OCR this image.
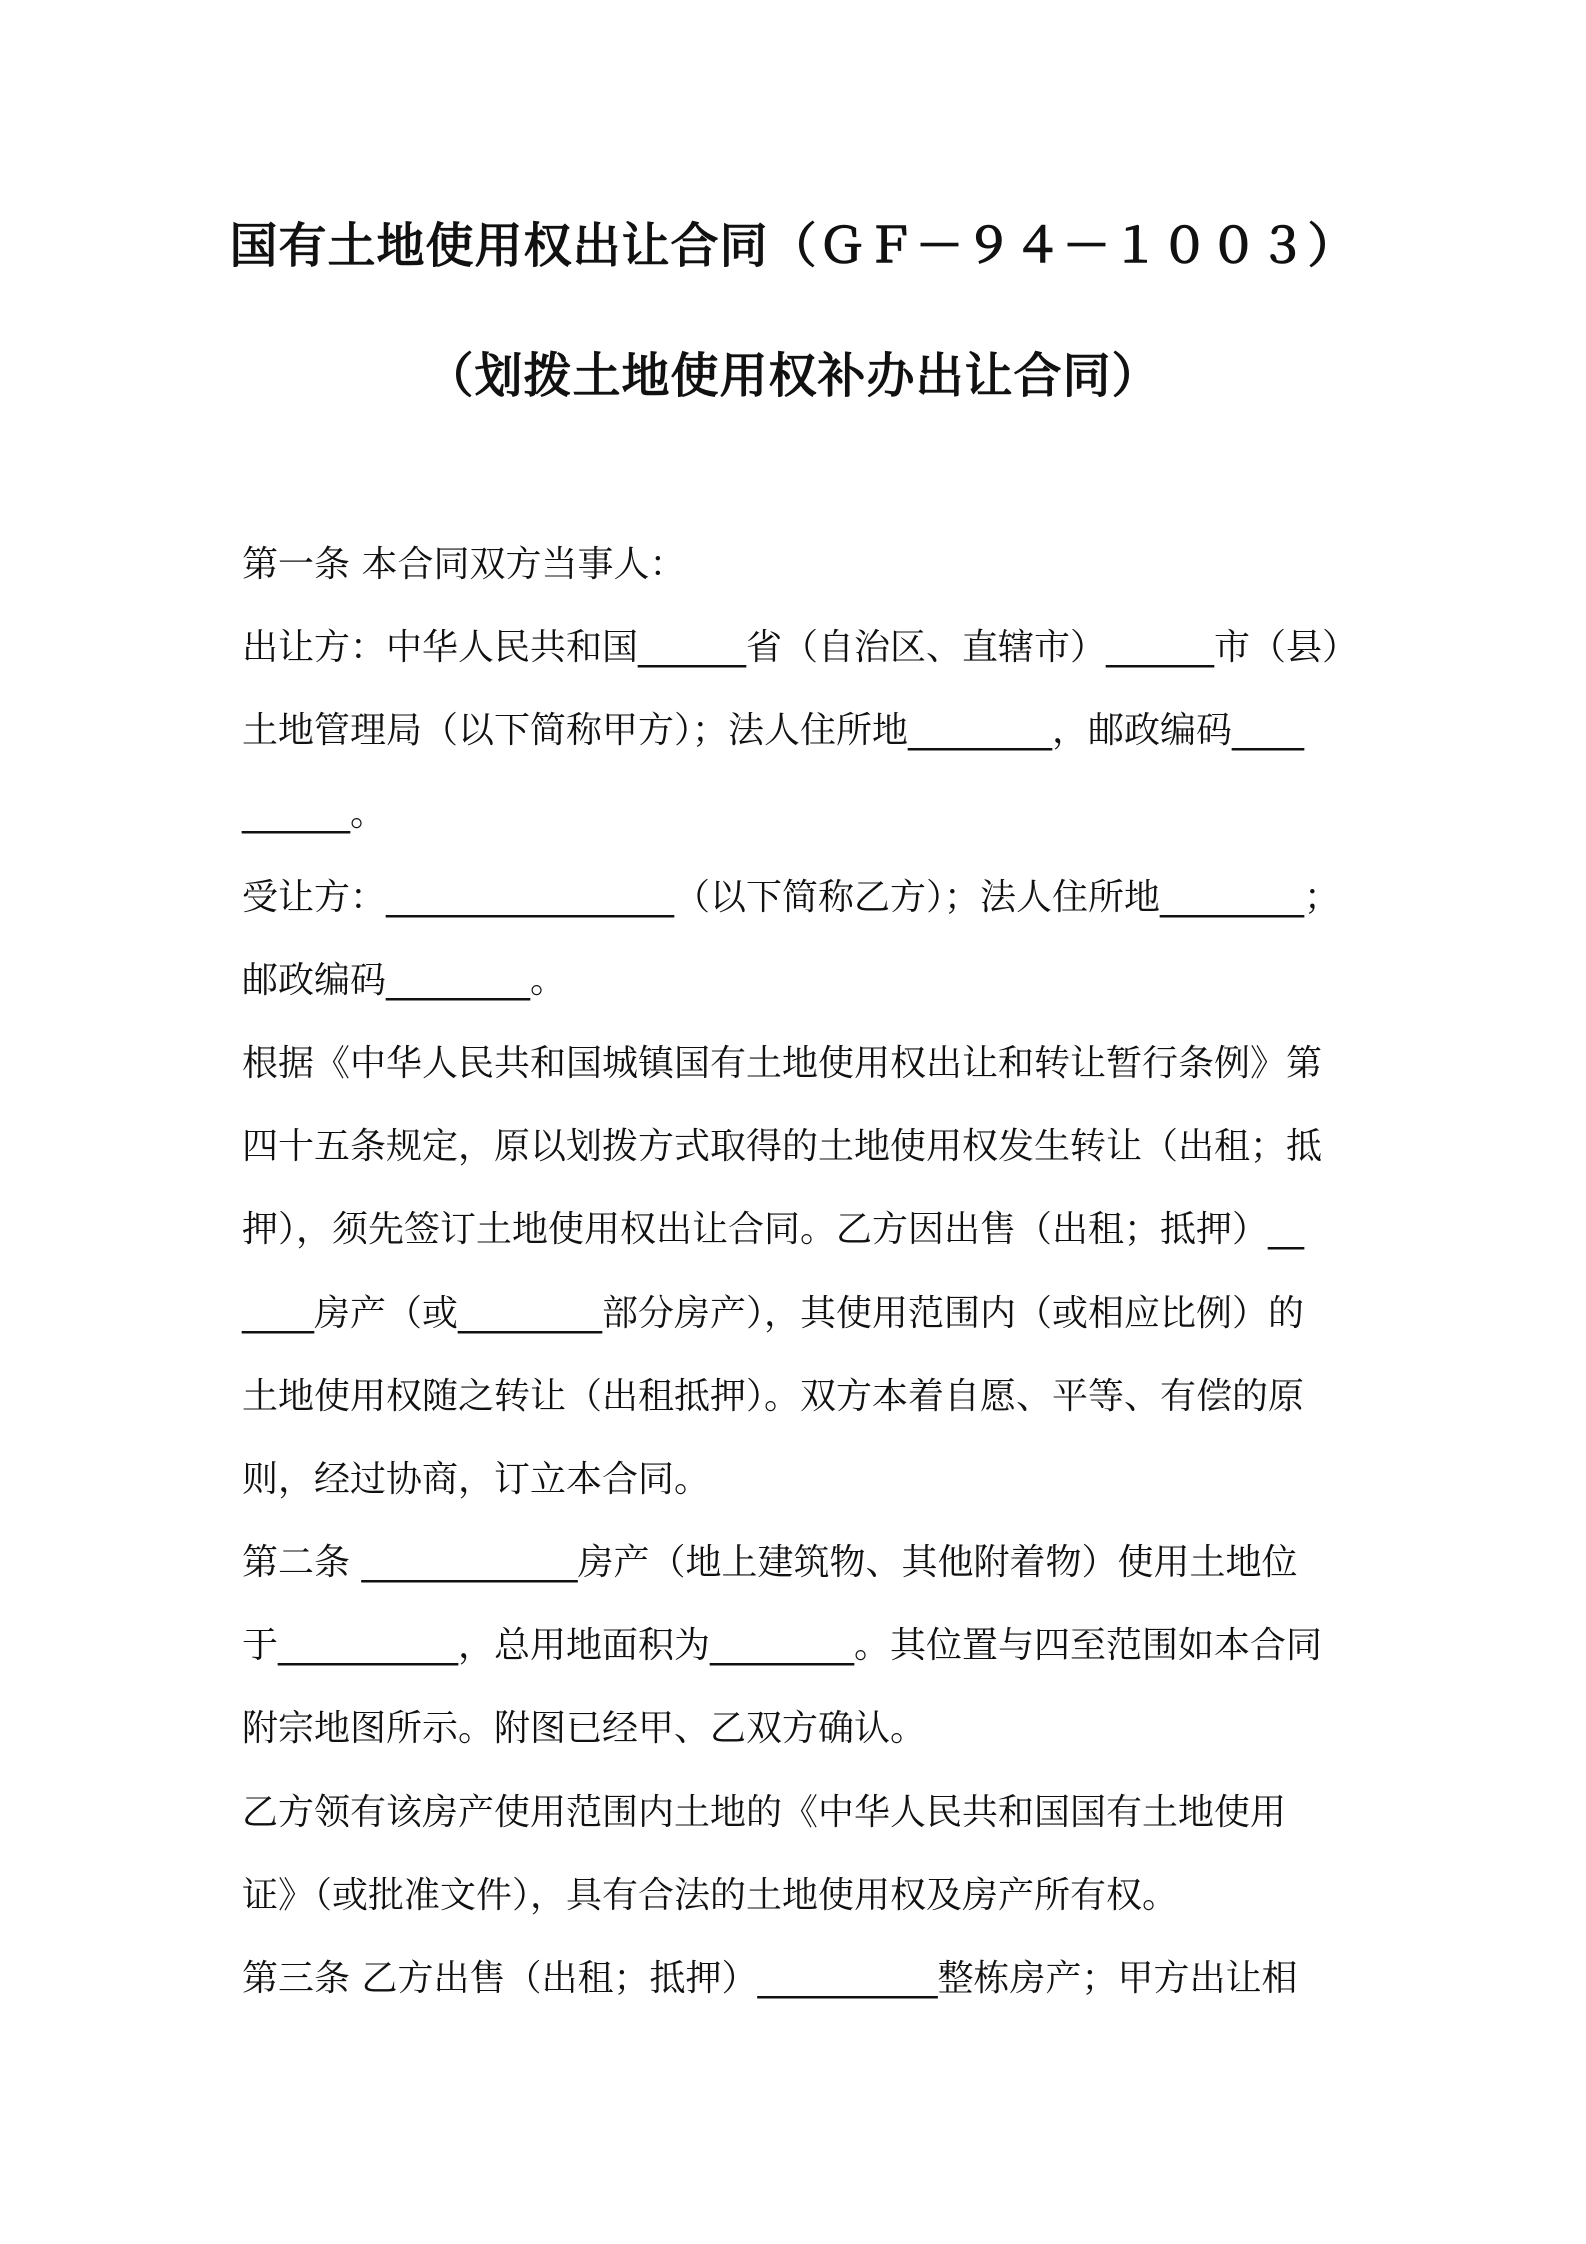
国有土地使用权出让合同（ＧＦ－９４－１００３）
（划拨土地使用权补办出让合同）
第一条 本合同双方当事人：
出让方：中华人民共和国______省（自治区、直辖市）______市（县）
土地管理局（以下简称甲方）；法人住所地________，邮政编码____
______。
受让方：________________（以下简称乙方）；法人住所地________；
邮政编码________。
根据《中华人民共和国城镇国有土地使用权出让和转让暂行条例》第
四十五条规定，原以划拨方式取得的土地使用权发生转让（出租；抵
押），须先签订土地使用权出让合同。乙方因出售（出租；抵押）__
____房产（或________部分房产），其使用范围内（或相应比例）的
土地使用权随之转让（出租抵押）。双方本着自愿、平等、有偿的原
则，经过协商，订立本合同。
第二条 ____________房产（地上建筑物、其他附着物）使用土地位
于__________，总用地面积为________。其位置与四至范围如本合同
附宗地图所示。附图已经甲、乙双方确认。
乙方领有该房产使用范围内土地的《中华人民共和国国有土地使用
证》（或批准文件），具有合法的土地使用权及房产所有权。
第三条 乙方出售（出租；抵押）__________整栋房产；甲方出让相
